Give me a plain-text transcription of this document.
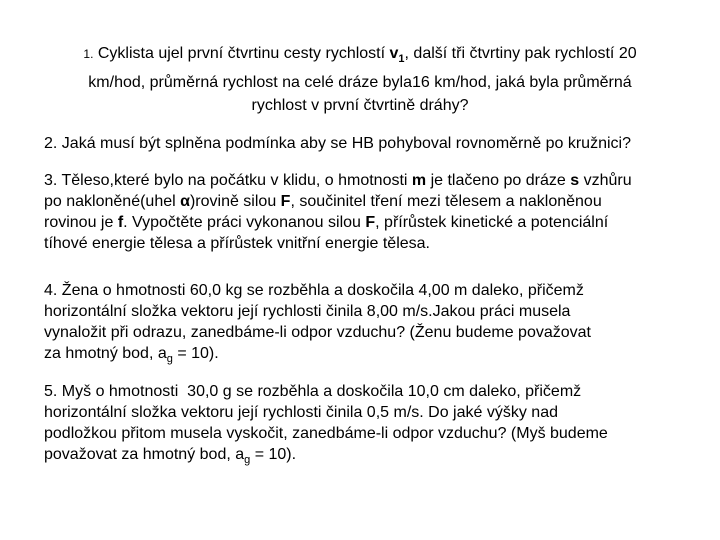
1. Cyklista ujel první čtvrtinu cesty rychlostí $v_1$, další tři čtvrtiny pak rychlostí 20
km/hod, průměrná rychlost na celé dráze byla16 km/hod, jaká byla průměrná
rychlost v první čtvrtině dráhy?
2. Jaká musí být splněna podmínka aby se HB pohyboval rovnoměrně po kružnici?
3. Těleso,které bylo na počátku v klidu, o hmotnosti m je tlačeno po dráze s vzhůru
po nakloněné(uhel α)rovině silou F, součinitel tření mezi tělesem a nakloněnou
rovinou je f. Vypočtěte práci vykonanou silou F, přírůstek kinetické a potenciální
tíhové energie tělesa a přírůstek vnitřní energie tělesa.
4. Žena o hmotnosti 60,0 kg se rozběhla a doskočila 4,00 m daleko, přičemž
horizontální složka vektoru její rychlosti činila 8,00 m/s.Jakou práci musela
vynaložit při odrazu, zanedbáme-li odpor vzduchu? (Ženu budeme považovat
za hmotný bod, $a_g = 10$).
5. Myš o hmotnosti  30,0 g se rozběhla a doskočila 10,0 cm daleko, přičemž
horizontální složka vektoru její rychlosti činila 0,5 m/s. Do jaké výšky nad
podložkou přitom musela vyskočit, zanedbáme-li odpor vzduchu? (Myš budeme
považovat za hmotný bod, $a_g = 10$).
